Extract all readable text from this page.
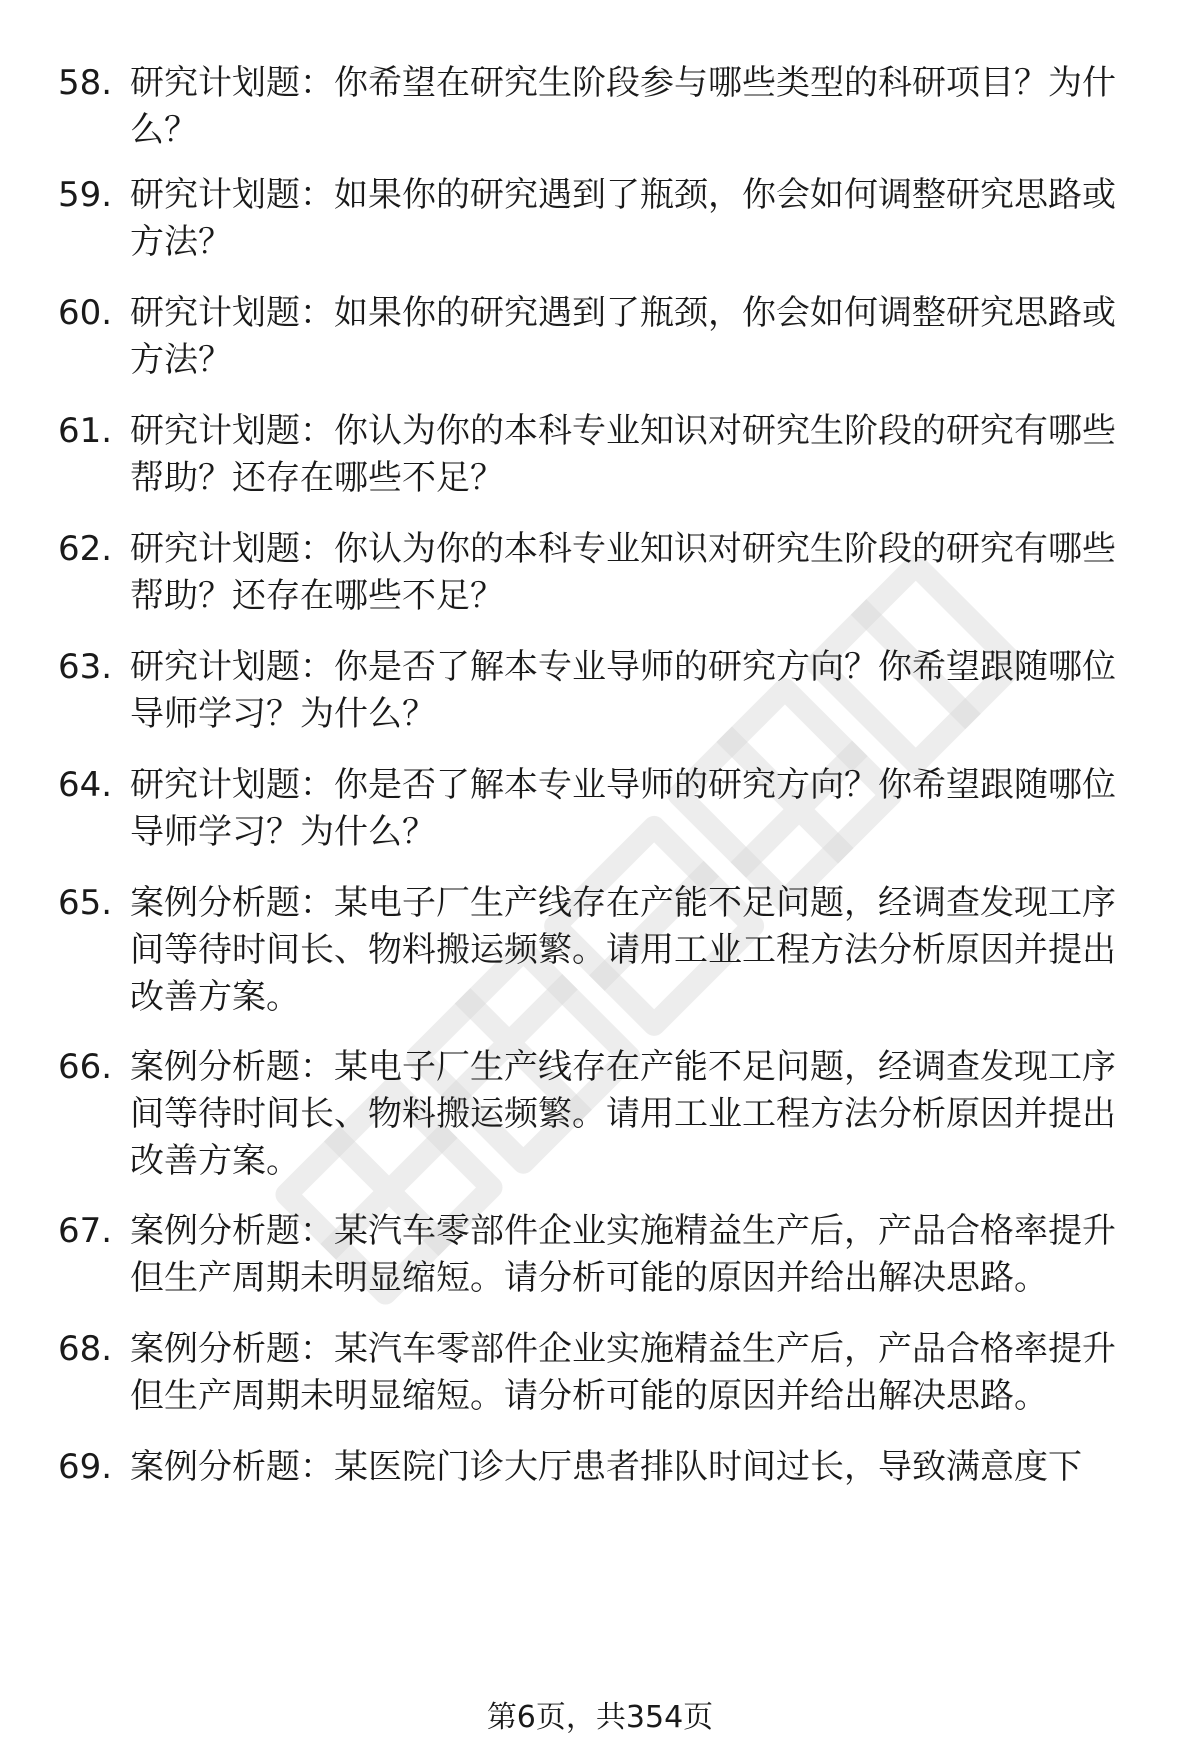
58. 研究计划题：你希望在研究生阶段参与哪些类型的科研项目？为什么？
59. 研究计划题：如果你的研究遇到了瓶颈，你会如何调整研究思路或方法？
60. 研究计划题：如果你的研究遇到了瓶颈，你会如何调整研究思路或方法？
61. 研究计划题：你认为你的本科专业知识对研究生阶段的研究有哪些帮助？还存在哪些不足？
62. 研究计划题：你认为你的本科专业知识对研究生阶段的研究有哪些帮助？还存在哪些不足？
63. 研究计划题：你是否了解本专业导师的研究方向？你希望跟随哪位导师学习？为什么？
64. 研究计划题：你是否了解本专业导师的研究方向？你希望跟随哪位导师学习？为什么？
65. 案例分析题：某电子厂生产线存在产能不足问题，经调查发现工序间等待时间长、物料搬运频繁。请用工业工程方法分析原因并提出改善方案。
66. 案例分析题：某电子厂生产线存在产能不足问题，经调查发现工序间等待时间长、物料搬运频繁。请用工业工程方法分析原因并提出改善方案。
67. 案例分析题：某汽车零部件企业实施精益生产后，产品合格率提升但生产周期未明显缩短。请分析可能的原因并给出解决思路。
68. 案例分析题：某汽车零部件企业实施精益生产后，产品合格率提升但生产周期未明显缩短。请分析可能的原因并给出解决思路。
69. 案例分析题：某医院门诊大厅患者排队时间过长，导致满意度下
第6页，共354页
